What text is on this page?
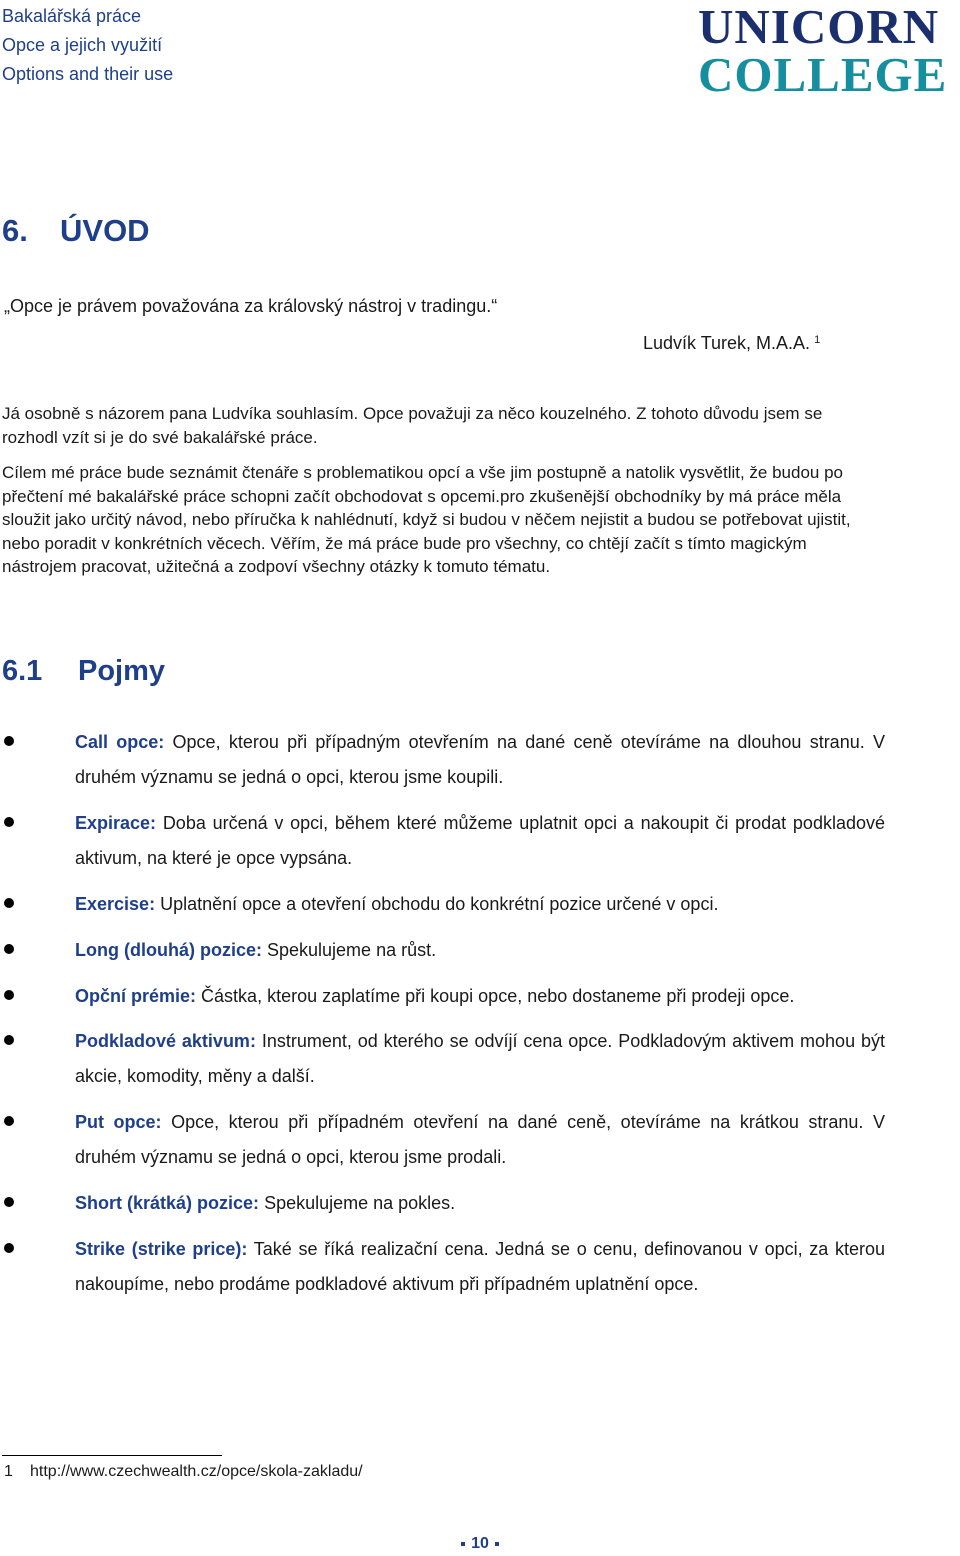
Bakalářská práce
Opce a jejich využití
Options and their use
UNICORN
COLLEGE
6. ÚVOD
„Opce je právem považována za královský nástroj v tradingu.“
Ludvík Turek, M.A.A. $^1$
Já osobně s názorem pana Ludvíka souhlasím. Opce považuji za něco kouzelného. Z tohoto důvodu jsem se rozhodl vzít si je do své bakalářské práce.
Cílem mé práce bude seznámit čtenáře s problematikou opcí a vše jim postupně a natolik vysvětlit, že budou po přečtení mé bakalářské práce schopni začít obchodovat s opcemi.pro zkušenější obchodníky by má práce měla sloužit jako určitý návod, nebo příručka k nahlédnutí, když si budou v něčem nejistit a budou se potřebovat ujistit, nebo poradit v konkrétních věcech. Věřím, že má práce bude pro všechny, co chtějí začít s tímto magickým nástrojem pracovat, užitečná a zodpoví všechny otázky k tomuto tématu.
6.1 Pojmy
Call opce: Opce, kterou při případným otevřením na dané ceně otevíráme na dlouhou stranu. V druhém významu se jedná o opci, kterou jsme koupili.
Expirace: Doba určená v opci, během které můžeme uplatnit opci a nakoupit či prodat podkladové aktivum, na které je opce vypsána.
Exercise: Uplatnění opce a otevření obchodu do konkrétní pozice určené v opci.
Long (dlouhá) pozice: Spekulujeme na růst.
Opční prémie: Částka, kterou zaplatíme při koupi opce, nebo dostaneme při prodeji opce.
Podkladové aktivum: Instrument, od kterého se odvíjí cena opce. Podkladovým aktivem mohou být akcie, komodity, měny a další.
Put opce: Opce, kterou při případném otevření na dané ceně, otevíráme na krátkou stranu. V druhém významu se jedná o opci, kterou jsme prodali.
Short (krátká) pozice: Spekulujeme na pokles.
Strike (strike price): Také se říká realizační cena. Jedná se o cenu, definovanou v opci, za kterou nakoupíme, nebo prodáme podkladové aktivum při případném uplatnění opce.
1 http://www.czechwealth.cz/opce/skola-zakladu/
10
